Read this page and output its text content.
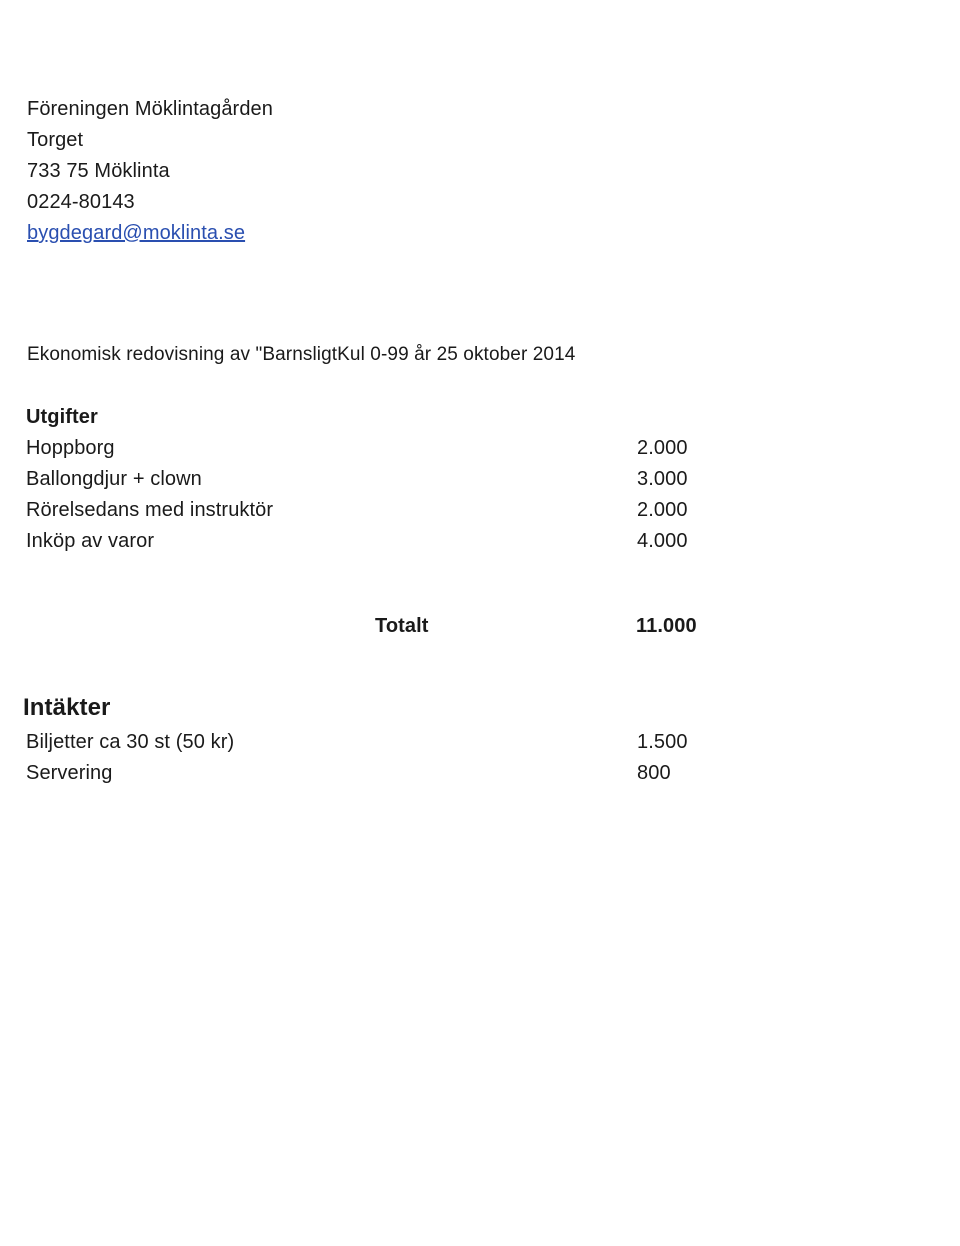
Föreningen Möklintagården
Torget
733 75 Möklinta
0224-80143
bygdegard@moklinta.se
Ekonomisk redovisning av "BarnsligtKul 0-99 år 25 oktober 2014
Utgifter
Hoppborg	2.000
Ballongdjur + clown	3.000
Rörelsedans med instruktör	2.000
Inköp av varor	4.000
Totalt	11.000
Intäkter
Biljetter ca 30 st (50 kr)	1.500
Servering	800
